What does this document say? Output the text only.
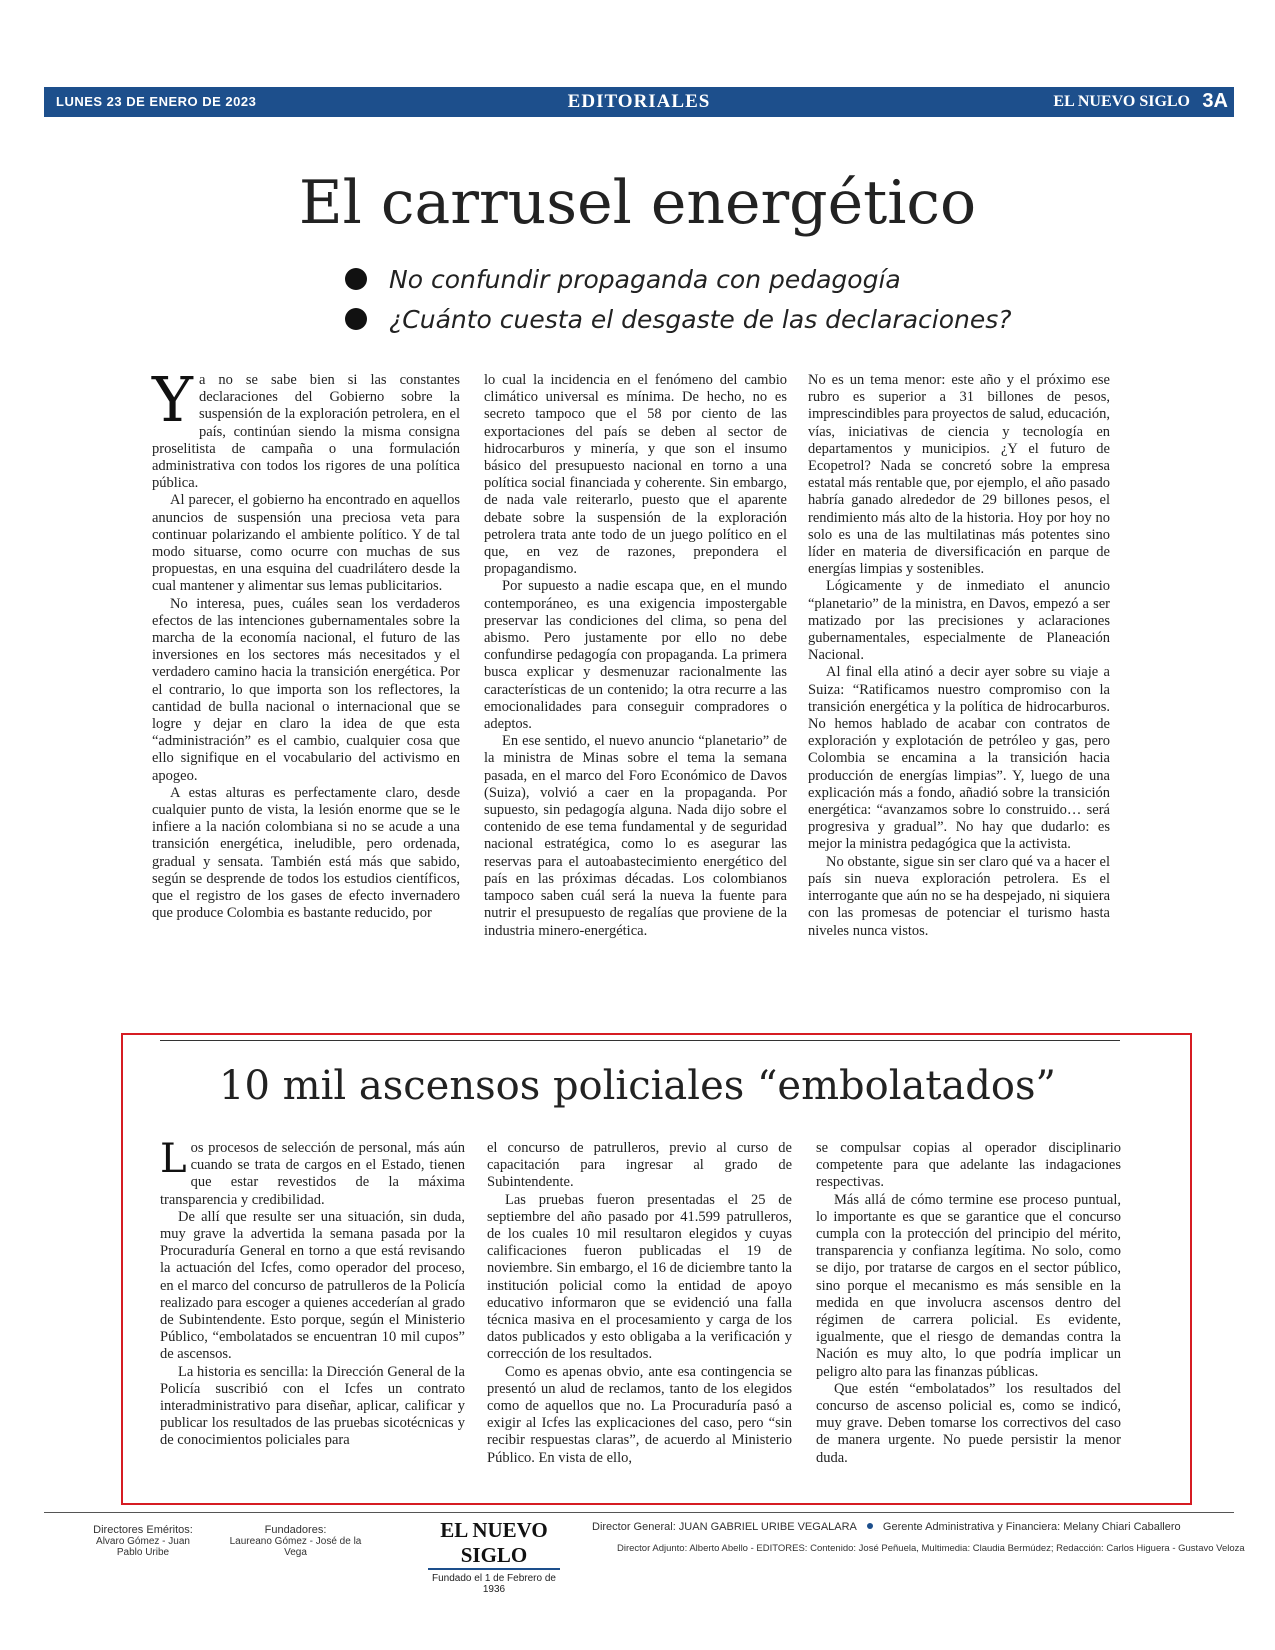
LUNES 23 DE ENERO DE 2023	EDITORIALES	EL NUEVO SIGLO 3A
El carrusel energético
No confundir propaganda con pedagogía
¿Cuánto cuesta el desgaste de las declaraciones?
Y a no se sabe bien si las constantes declaraciones del Gobierno sobre la suspensión de la exploración petrolera, en el país, continúan siendo la misma consigna proselitista de campaña o una formulación administrativa con todos los rigores de una política pública.

Al parecer, el gobierno ha encontrado en aquellos anuncios de suspensión una preciosa veta para continuar polarizando el ambiente político. Y de tal modo situarse, como ocurre con muchas de sus propuestas, en una esquina del cuadrilátero desde la cual mantener y alimentar sus lemas publicitarios.

No interesa, pues, cuáles sean los verdaderos efectos de las intenciones gubernamentales sobre la marcha de la economía nacional, el futuro de las inversiones en los sectores más necesitados y el verdadero camino hacia la transición energética. Por el contrario, lo que importa son los reflectores, la cantidad de bulla nacional o internacional que se logre y dejar en claro la idea de que esta “administración” es el cambio, cualquier cosa que ello signifique en el vocabulario del activismo en apogeo.

A estas alturas es perfectamente claro, desde cualquier punto de vista, la lesión enorme que se le infiere a la nación colombiana si no se acude a una transición energética, ineludible, pero ordenada, gradual y sensata. También está más que sabido, según se desprende de todos los estudios científicos, que el registro de los gases de efecto invernadero que produce Colombia es bastante reducido, por

lo cual la incidencia en el fenómeno del cambio climático universal es mínima. De hecho, no es secreto tampoco que el 58 por ciento de las exportaciones del país se deben al sector de hidrocarburos y minería, y que son el insumo básico del presupuesto nacional en torno a una política social financiada y coherente. Sin embargo, de nada vale reiterarlo, puesto que el aparente debate sobre la suspensión de la exploración petrolera trata ante todo de un juego político en el que, en vez de razones, prepondera el propagandismo.

Por supuesto a nadie escapa que, en el mundo contemporáneo, es una exigencia impostergable preservar las condiciones del clima, so pena del abismo. Pero justamente por ello no debe confundirse pedagogía con propaganda. La primera busca explicar y desmenuzar racionalmente las características de un contenido; la otra recurre a las emocionalidades para conseguir compradores o adeptos.

En ese sentido, el nuevo anuncio “planetario” de la ministra de Minas sobre el tema la semana pasada, en el marco del Foro Económico de Davos (Suiza), volvió a caer en la propaganda. Por supuesto, sin pedagogía alguna. Nada dijo sobre el contenido de ese tema fundamental y de seguridad nacional estratégica, como lo es asegurar las reservas para el autoabastecimiento energético del país en las próximas décadas. Los colombianos tampoco saben cuál será la nueva la fuente para nutrir el presupuesto de regalías que proviene de la industria minero-energética.

No es un tema menor: este año y el próximo ese rubro es superior a 31 billones de pesos, imprescindibles para proyectos de salud, educación, vías, iniciativas de ciencia y tecnología en departamentos y municipios. ¿Y el futuro de Ecopetrol? Nada se concretó sobre la empresa estatal más rentable que, por ejemplo, el año pasado habría ganado alrededor de 29 billones pesos, el rendimiento más alto de la historia. Hoy por hoy no solo es una de las multilatinas más potentes sino líder en materia de diversificación en parque de energías limpias y sostenibles.

Lógicamente y de inmediato el anuncio “planetario” de la ministra, en Davos, empezó a ser matizado por las precisiones y aclaraciones gubernamentales, especialmente de Planeación Nacional.

Al final ella atinó a decir ayer sobre su viaje a Suiza: “Ratificamos nuestro compromiso con la transición energética y la política de hidrocarburos. No hemos hablado de acabar con contratos de exploración y explotación de petróleo y gas, pero Colombia se encamina a la transición hacia producción de energías limpias”. Y, luego de una explicación más a fondo, añadió sobre la transición energética: “avanzamos sobre lo construido… será progresiva y gradual”. No hay que dudarlo: es mejor la ministra pedagógica que la activista.

No obstante, sigue sin ser claro qué va a hacer el país sin nueva exploración petrolera. Es el interrogante que aún no se ha despejado, ni siquiera con las promesas de potenciar el turismo hasta niveles nunca vistos.

10 mil ascensos policiales “embolatados”
L os procesos de selección de personal, más aún cuando se trata de cargos en el Estado, tienen que estar revestidos de la máxima transparencia y credibilidad.

De allí que resulte ser una situación, sin duda, muy grave la advertida la semana pasada por la Procuraduría General en torno a que está revisando la actuación del Icfes, como operador del proceso, en el marco del concurso de patrulleros de la Policía realizado para escoger a quienes accederían al grado de Subintendente. Esto porque, según el Ministerio Público, “embolatados se encuentran 10 mil cupos” de ascensos.

La historia es sencilla: la Dirección General de la Policía suscribió con el Icfes un contrato interadministrativo para diseñar, aplicar, calificar y publicar los resultados de las pruebas sicotécnicas y de conocimientos policiales para

el concurso de patrulleros, previo al curso de capacitación para ingresar al grado de Subintendente.

Las pruebas fueron presentadas el 25 de septiembre del año pasado por 41.599 patrulleros, de los cuales 10 mil resultaron elegidos y cuyas calificaciones fueron publicadas el 19 de noviembre. Sin embargo, el 16 de diciembre tanto la institución policial como la entidad de apoyo educativo informaron que se evidenció una falla técnica masiva en el procesamiento y carga de los datos publicados y esto obligaba a la verificación y corrección de los resultados.

Como es apenas obvio, ante esa contingencia se presentó un alud de reclamos, tanto de los elegidos como de aquellos que no. La Procuraduría pasó a exigir al Icfes las explicaciones del caso, pero “sin recibir respuestas claras”, de acuerdo al Ministerio Público. En vista de ello,

se compulsar copias al operador disciplinario competente para que adelante las indagaciones respectivas.

Más allá de cómo termine ese proceso puntual, lo importante es que se garantice que el concurso cumpla con la protección del principio del mérito, transparencia y confianza legítima. No solo, como se dijo, por tratarse de cargos en el sector público, sino porque el mecanismo es más sensible en la medida en que involucra ascensos dentro del régimen de carrera policial. Es evidente, igualmente, que el riesgo de demandas contra la Nación es muy alto, lo que podría implicar un peligro alto para las finanzas públicas.

Que estén “embolatados” los resultados del concurso de ascenso policial es, como se indicó, muy grave. Deben tomarse los correctivos del caso de manera urgente. No puede persistir la menor duda.

Directores Eméritos:
Alvaro Gómez - Juan Pablo Uribe
Fundadores:
Laureano Gómez - José de la Vega
EL NUEVO SIGLO
Fundado el 1 de Febrero de 1936
Director General: JUAN GABRIEL URIBE VEGALARA Gerente Administrativa y Financiera: Melany Chiari Caballero
Director Adjunto: Alberto Abello - EDITORES: Contenido: José Peñuela, Multimedia: Claudia Bermúdez; Redacción: Carlos Higuera - Gustavo Veloza
